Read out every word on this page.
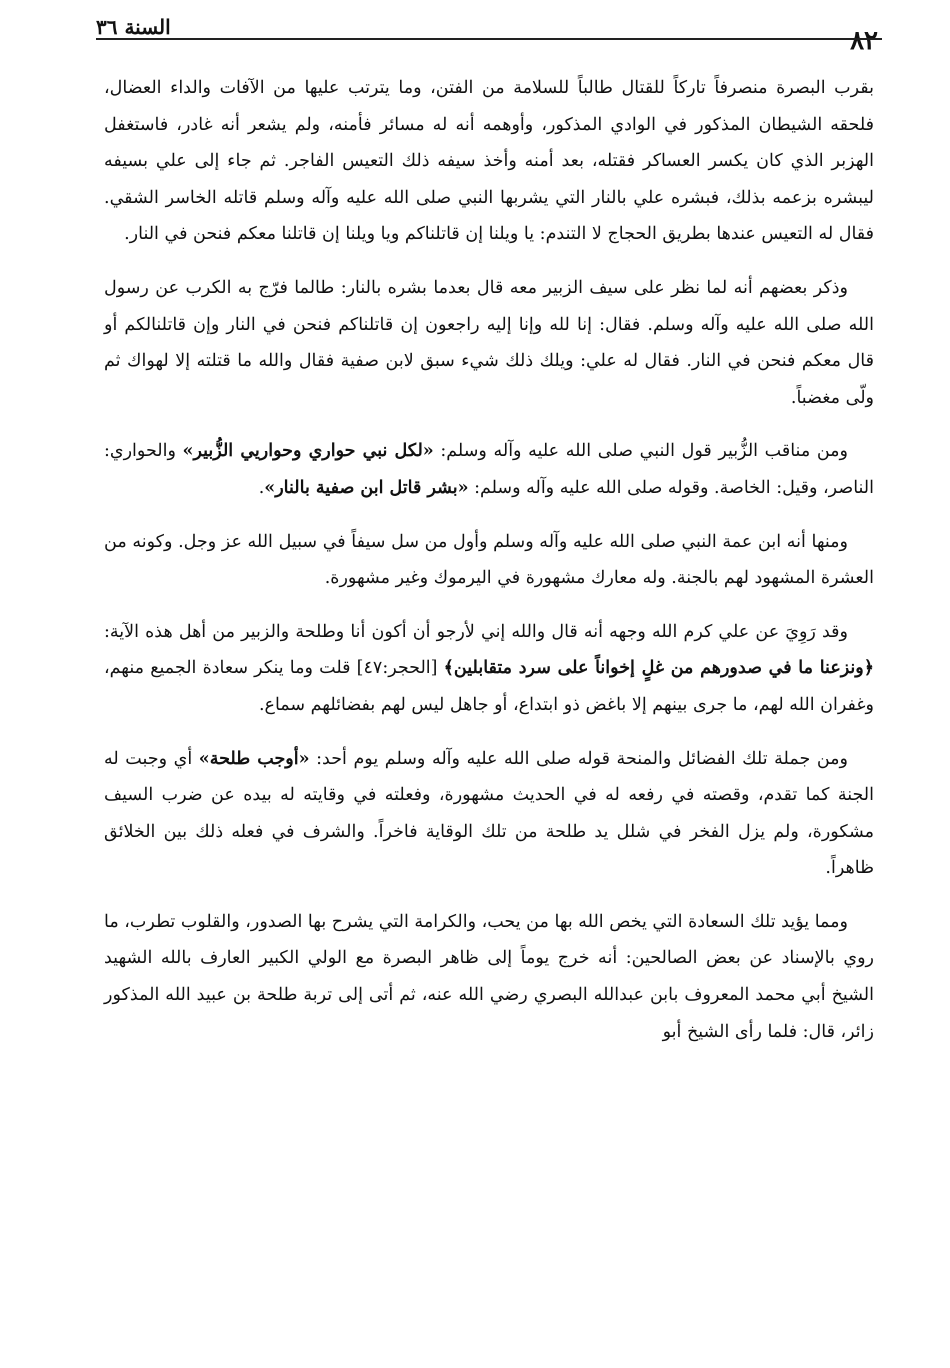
٨٢
السنة ٣٦

بقرب البصرة منصرفاً تاركاً للقتال طالباً للسلامة من الفتن، وما يترتب عليها من الآفات والداء العضال، فلحقه الشيطان المذكور في الوادي المذكور، وأوهمه أنه له مسائر فأمنه، ولم يشعر أنه غادر، فاستغفل الهزبر الذي كان يكسر العساكر فقتله، بعد أمنه وأخذ سيفه ذلك التعيس الفاجر. ثم جاء إلى علي بسيفه ليبشره بزعمه بذلك، فبشره علي بالنار التي يشربها النبي صلى الله عليه وآله وسلم قاتله الخاسر الشقي. فقال له التعيس عندها بطريق الحجاج لا التندم: يا ويلنا إن قاتلناكم ويا ويلنا إن قاتلنا معكم فنحن في النار.

وذكر بعضهم أنه لما نظر على سيف الزبير معه قال بعدما بشره بالنار: طالما فرّج به الكرب عن رسول الله صلى الله عليه وآله وسلم. فقال: إنا لله وإنا إليه راجعون إن قاتلناكم فنحن في النار وإن قاتلنالكم أو قال معكم فنحن في النار. فقال له علي: ويلك ذلك شيء سبق لابن صفية فقال والله ما قتلته إلا لهواك ثم ولّى مغضباً.

ومن مناقب الزُّبير قول النبي صلى الله عليه وآله وسلم: «لكل نبي حواري وحواريي الزُّبير» والحواري: الناصر، وقيل: الخاصة. وقوله صلى الله عليه وآله وسلم: «بشر قاتل ابن صفية بالنار».

ومنها أنه ابن عمة النبي صلى الله عليه وآله وسلم وأول من سل سيفاً في سبيل الله عز وجل. وكونه من العشرة المشهود لهم بالجنة. وله معارك مشهورة في اليرموك وغير مشهورة.

وقد رَوِيَ عن علي كرم الله وجهه أنه قال والله إني لأرجو أن أكون أنا وطلحة والزبير من أهل هذه الآية: ﴿ونزعنا ما في صدورهم من غلٍ إخواناً على سرد متقابلين﴾ [الحجر:٤٧] قلت وما ينكر سعادة الجميع منهم، وغفران الله لهم، ما جرى بينهم إلا باغض ذو ابتداع، أو جاهل ليس لهم بفضائلهم سماع.

ومن جملة تلك الفضائل والمنحة قوله صلى الله عليه وآله وسلم يوم أحد: «أوجب طلحة» أي وجبت له الجنة كما تقدم، وقصته في رفعه له في الحديث مشهورة، وفعلته في وقايته له بيده عن ضرب السيف مشكورة، ولم يزل الفخر في شلل يد طلحة من تلك الوقاية فاخراً. والشرف في فعله ذلك بين الخلائق ظاهراً.

ومما يؤيد تلك السعادة التي يخص الله بها من يحب، والكرامة التي يشرح بها الصدور، والقلوب تطرب، ما روي بالإسناد عن بعض الصالحين: أنه خرج يوماً إلى ظاهر البصرة مع الولي الكبير العارف بالله الشهيد الشيخ أبي محمد المعروف بابن عبدالله البصري رضي الله عنه، ثم أتى إلى تربة طلحة بن عبيد الله المذكور زائر، قال: فلما رأى الشيخ أبو
